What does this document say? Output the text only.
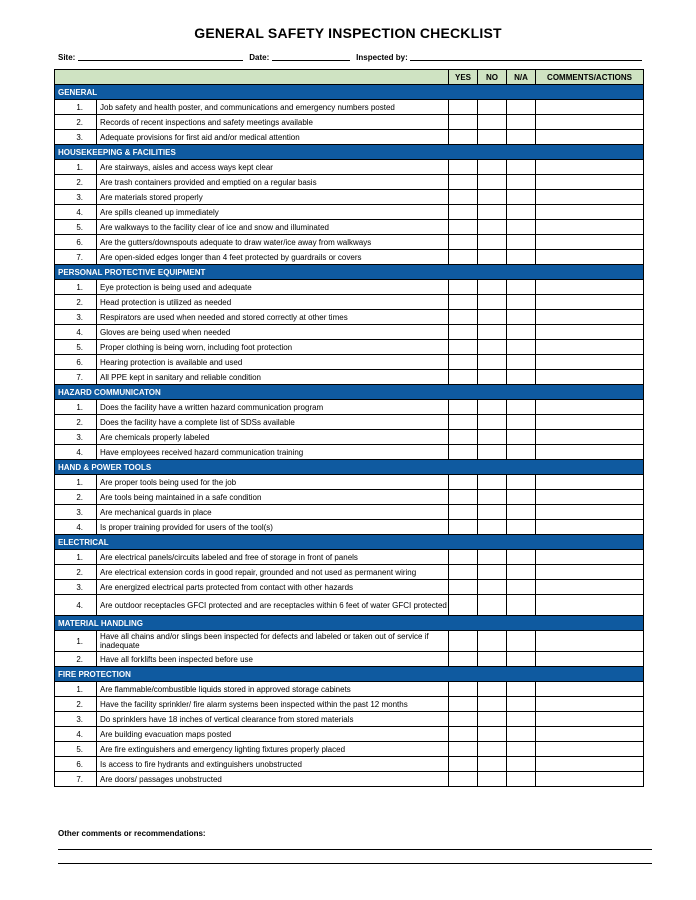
GENERAL SAFETY INSPECTION CHECKLIST
Site:	Date:	Inspected by:
		YES	NO	N/A	COMMENTS/ACTIONS
GENERAL					
1.	Job safety and health poster, and communications and emergency numbers posted				
2.	Records of recent inspections and safety meetings available				
3.	Adequate provisions for first aid and/or medical attention				
HOUSEKEEPING & FACILITIES					
1.	Are stairways, aisles and access ways kept clear				
2.	Are trash containers provided and emptied on a regular basis				
3.	Are materials stored properly				
4.	Are spills cleaned up immediately				
5.	Are walkways to the facility clear of ice and snow and illuminated				
6.	Are the gutters/downspouts adequate to draw water/ice away from walkways				
7.	Are open-sided edges longer than 4 feet protected by guardrails or covers				
PERSONAL PROTECTIVE EQUIPMENT					
1.	Eye protection is being used and adequate				
2.	Head protection is utilized as needed				
3.	Respirators are used when needed and stored correctly at other times				
4.	Gloves are being used when needed				
5.	Proper clothing is being worn, including foot protection				
6.	Hearing protection is available and used				
7.	All PPE kept in sanitary and reliable condition				
HAZARD COMMUNICATON					
1.	Does the facility have a written hazard communication program				
2.	Does the facility have a complete list of SDSs available				
3.	Are chemicals properly labeled				
4.	Have employees received hazard communication training				
HAND & POWER TOOLS					
1.	Are proper tools being used for the job				
2.	Are tools being maintained in a safe condition				
3.	Are mechanical guards in place				
4.	Is proper training provided for users of the tool(s)				
ELECTRICAL					
1.	Are electrical panels/circuits labeled and free of storage in front of panels				
2.	Are electrical extension cords in good repair, grounded and not used as permanent wiring				
3.	Are energized electrical parts protected from contact with other hazards				
4.	Are outdoor receptacles GFCI protected and are receptacles within 6 feet of water GFCI protected				
MATERIAL HANDLING					
1.	Have all chains and/or slings been inspected for defects and labeled or taken out of service if inadequate				
2.	Have all forklifts been inspected before use				
FIRE PROTECTION					
1.	Are flammable/combustible liquids stored in approved storage cabinets				
2.	Have the facility sprinkler/ fire alarm systems been inspected within the past 12 months				
3.	Do sprinklers have 18 inches of vertical clearance from stored materials				
4.	Are building evacuation maps posted				
5.	Are fire extinguishers and emergency lighting fixtures properly placed				
6.	Is access to fire hydrants and extinguishers unobstructed				
7.	Are doors/ passages unobstructed				
Other comments or recommendations:
